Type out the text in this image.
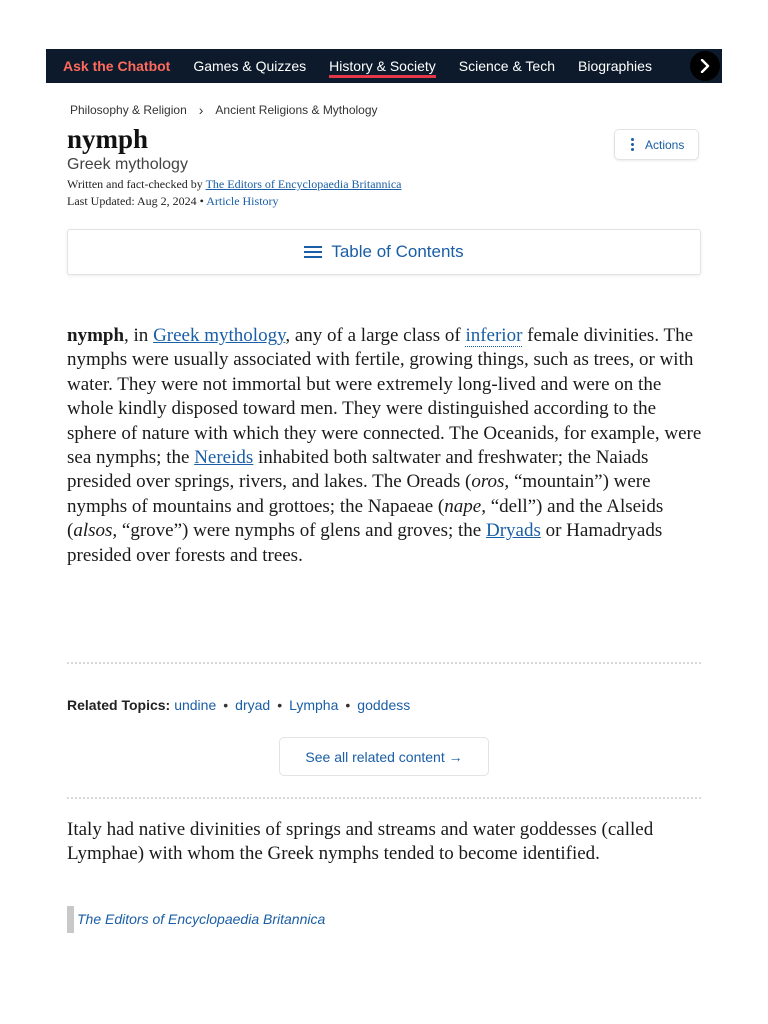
Ask the Chatbot Games & Quizzes History & Society Science & Tech Biographies
Philosophy & Religion › Ancient Religions & Mythology
nymph
Greek mythology
Written and fact-checked by The Editors of Encyclopaedia Britannica
Last Updated: Aug 2, 2024 • Article History
Actions
Table of Contents
nymph, in Greek mythology, any of a large class of inferior female divinities. The nymphs were usually associated with fertile, growing things, such as trees, or with water. They were not immortal but were extremely long-lived and were on the whole kindly disposed toward men. They were distinguished according to the sphere of nature with which they were connected. The Oceanids, for example, were sea nymphs; the Nereids inhabited both saltwater and freshwater; the Naiads presided over springs, rivers, and lakes. The Oreads (oros, “mountain”) were nymphs of mountains and grottoes; the Napaeae (nape, “dell”) and the Alseids (alsos, “grove”) were nymphs of glens and groves; the Dryads or Hamadryads presided over forests and trees.
Related Topics: undine • dryad • Lympha • goddess
See all related content →
Italy had native divinities of springs and streams and water goddesses (called Lymphae) with whom the Greek nymphs tended to become identified.
The Editors of Encyclopaedia Britannica
